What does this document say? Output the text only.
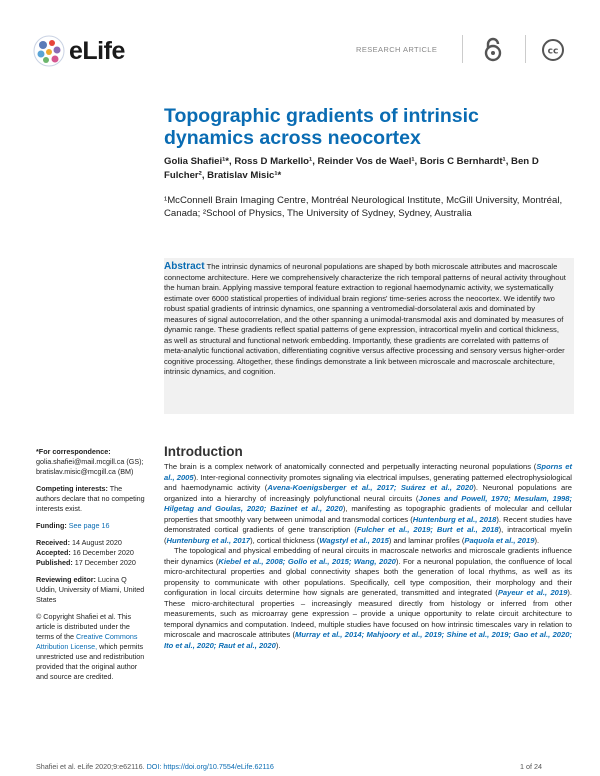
eLife	RESEARCH ARTICLE	cc
Topographic gradients of intrinsic dynamics across neocortex
Golia Shafiei¹*, Ross D Markello¹, Reinder Vos de Wael¹, Boris C Bernhardt¹, Ben D Fulcher², Bratislav Misic¹*
¹McConnell Brain Imaging Centre, Montréal Neurological Institute, McGill University, Montréal, Canada; ²School of Physics, The University of Sydney, Sydney, Australia
Abstract The intrinsic dynamics of neuronal populations are shaped by both microscale attributes and macroscale connectome architecture. Here we comprehensively characterize the rich temporal patterns of neural activity throughout the human brain. Applying massive temporal feature extraction to regional haemodynamic activity, we systematically estimate over 6000 statistical properties of individual brain regions' time-series across the neocortex. We identify two robust spatial gradients of intrinsic dynamics, one spanning a ventromedial-dorsolateral axis and dominated by measures of signal autocorrelation, and the other spanning a unimodal-transmodal axis and dominated by measures of dynamic range. These gradients reflect spatial patterns of gene expression, intracortical myelin and cortical thickness, as well as structural and functional network embedding. Importantly, these gradients are correlated with patterns of meta-analytic functional activation, differentiating cognitive versus affective processing and sensory versus higher-order cognitive processing. Altogether, these findings demonstrate a link between microscale and macroscale architecture, intrinsic dynamics, and cognition.
*For correspondence:
golia.shafiei@mail.mcgill.ca (GS); bratislav.misic@mcgill.ca (BM)
Competing interests: The authors declare that no competing interests exist.
Funding: See page 16
Received: 14 August 2020
Accepted: 16 December 2020
Published: 17 December 2020
Reviewing editor: Lucina Q Uddin, University of Miami, United States
© Copyright Shafiei et al. This article is distributed under the terms of the Creative Commons Attribution License, which permits unrestricted use and redistribution provided that the original author and source are credited.
Introduction

The brain is a complex network of anatomically connected and perpetually interacting neuronal populations (Sporns et al., 2005). Inter-regional connectivity promotes signaling via electrical impulses, generating patterned electrophysiological and haemodynamic activity (Avena-Koenigsberger et al., 2017; Suárez et al., 2020). Neuronal populations are organized into a hierarchy of increasingly polyfunctional neural circuits (Jones and Powell, 1970; Mesulam, 1998; Hilgetag and Goulas, 2020; Bazinet et al., 2020), manifesting as topographic gradients of molecular and cellular properties that smoothly vary between unimodal and transmodal cortices (Huntenburg et al., 2018). Recent studies have demonstrated cortical gradients of gene transcription (Fulcher et al., 2019; Burt et al., 2018), intracortical myelin (Huntenburg et al., 2017), cortical thickness (Wagstyl et al., 2015) and laminar profiles (Paquola et al., 2019).

The topological and physical embedding of neural circuits in macroscale networks and microscale gradients influence their dynamics (Kiebel et al., 2008; Gollo et al., 2015; Wang, 2020). For a neuronal population, the confluence of local micro-architectural properties and global connectivity shapes both the generation of local rhythms, as well as its propensity to communicate with other populations. Specifically, cell type composition, their morphology and their configuration in local circuits determine how signals are generated, transmitted and integrated (Payeur et al., 2019). These micro-architectural properties – increasingly measured directly from histology or inferred from other measurements, such as microarray gene expression – provide a unique opportunity to relate circuit architecture to temporal dynamics and computation. Indeed, multiple studies have focused on how intrinsic timescales vary in relation to microscale and macroscale attributes (Murray et al., 2014; Mahjoory et al., 2019; Shine et al., 2019; Gao et al., 2020; Ito et al., 2020; Raut et al., 2020).

Shafiei et al. eLife 2020;9:e62116. DOI: https://doi.org/10.7554/eLife.62116	1 of 24
